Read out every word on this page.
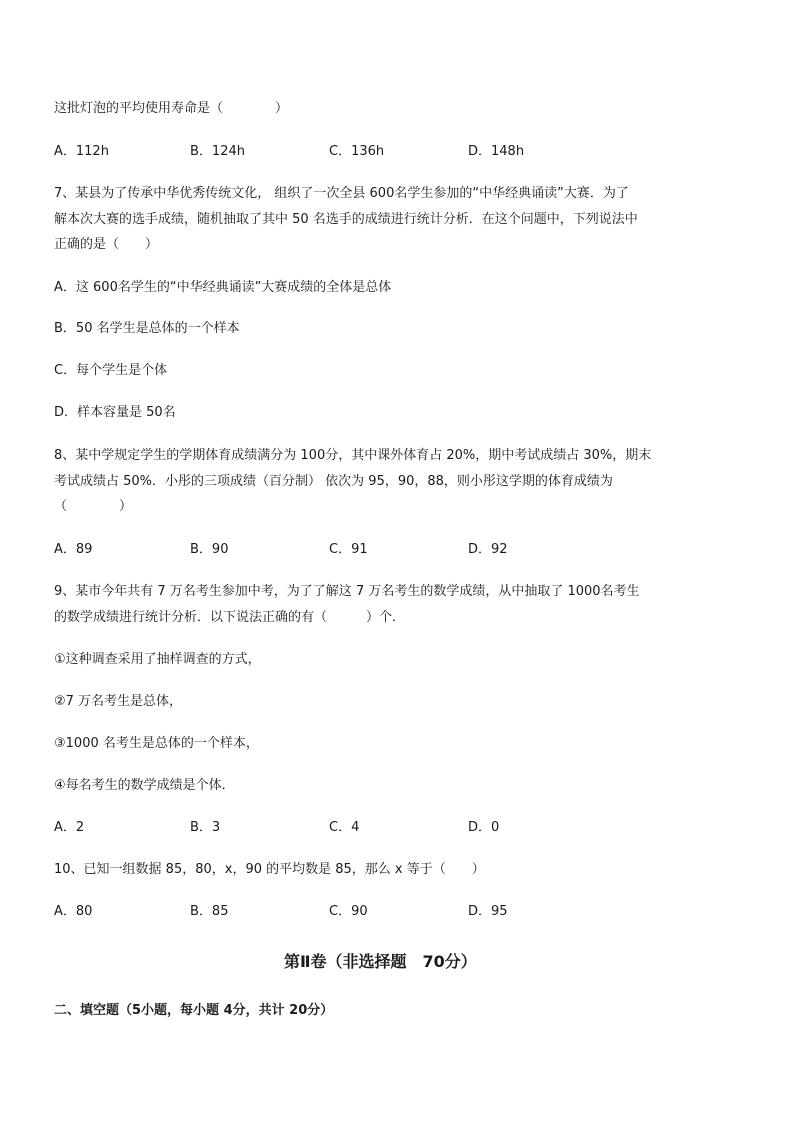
这批灯泡的平均使用寿命是（　　　　）
A．112h	B．124h	C．136h	D．148h
7、某县为了传承中华优秀传统文化， 组织了一次全县 600名学生参加的“中华经典诵读”大赛．为了
解本次大赛的选手成绩，随机抽取了其中 50 名选手的成绩进行统计分析．在这个问题中，下列说法中
正确的是（　　）
A．这 600名学生的“中华经典诵读”大赛成绩的全体是总体
B．50 名学生是总体的一个样本
C．每个学生是个体
D．样本容量是 50名
8、某中学规定学生的学期体育成绩满分为 100分，其中课外体育占 20%，期中考试成绩占 30%，期末
考试成绩占 50%．小彤的三项成绩（百分制） 依次为 95，90，88，则小彤这学期的体育成绩为
（　　　　）
A．89	B．90	C．91	D．92
9、某市今年共有 7 万名考生参加中考，为了了解这 7 万名考生的数学成绩，从中抽取了 1000名考生
的数学成绩进行统计分析．以下说法正确的有（　　　）个．
①这种调查采用了抽样调查的方式，
②7 万名考生是总体，
③1000 名考生是总体的一个样本，
④每名考生的数学成绩是个体．
A．2	B．3	C．4	D．0
10、已知一组数据 85，80，x，90 的平均数是 85，那么 x 等于（　　）
A．80	B．85	C．90	D．95
第Ⅱ卷（非选择题　70分）
二、填空题（5小题，每小题 4分，共计 20分）
